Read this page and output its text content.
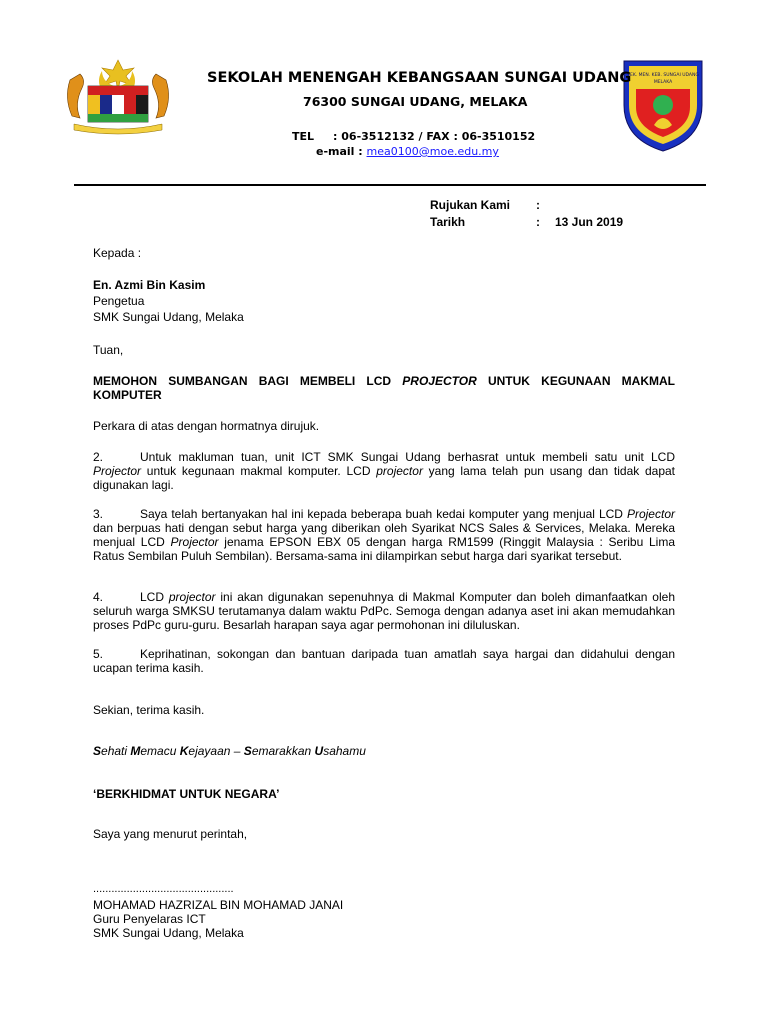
SEK. MEN. KEB. SUNGAI UDANG
MELAKA
SEKOLAH MENENGAH KEBANGSAAN SUNGAI UDANG
76300 SUNGAI UDANG, MELAKA
TEL : 06-3512132 / FAX : 06-3510152
e-mail : mea0100@moe.edu.my
Rujukan Kami :
Tarikh	: 13 Jun 2019
Kepada :
En. Azmi Bin Kasim
Pengetua
SMK Sungai Udang, Melaka
Tuan,

MEMOHON SUMBANGAN BAGI MEMBELI LCD PROJECTOR UNTUK KEGUNAAN MAKMAL KOMPUTER

Perkara di atas dengan hormatnya dirujuk.

2.	Untuk makluman tuan, unit ICT SMK Sungai Udang berhasrat untuk membeli satu unit LCD Projector untuk kegunaan makmal komputer. LCD projector yang lama telah pun usang dan tidak dapat digunakan lagi.

3.	Saya telah bertanyakan hal ini kepada beberapa buah kedai komputer yang menjual LCD Projector dan berpuas hati dengan sebut harga yang diberikan oleh Syarikat NCS Sales & Services, Melaka. Mereka menjual LCD Projector jenama EPSON EBX 05 dengan harga RM1599 (Ringgit Malaysia : Seribu Lima Ratus Sembilan Puluh Sembilan). Bersama-sama ini dilampirkan sebut harga dari syarikat tersebut.

4.	LCD projector ini akan digunakan sepenuhnya di Makmal Komputer dan boleh dimanfaatkan oleh seluruh warga SMKSU terutamanya dalam waktu PdPc. Semoga dengan adanya aset ini akan memudahkan proses PdPc guru-guru. Besarlah harapan saya agar permohonan ini diluluskan.

5.	Keprihatinan, sokongan dan bantuan daripada tuan amatlah saya hargai dan didahului dengan ucapan terima kasih.

Sekian, terima kasih.
Sehati Memacu Kejayaan – Semarakkan Usahamu
‘BERKHIDMAT UNTUK NEGARA’
Saya yang menurut perintah,
..............................................
MOHAMAD HAZRIZAL BIN MOHAMAD JANAI
Guru Penyelaras ICT
SMK Sungai Udang, Melaka
